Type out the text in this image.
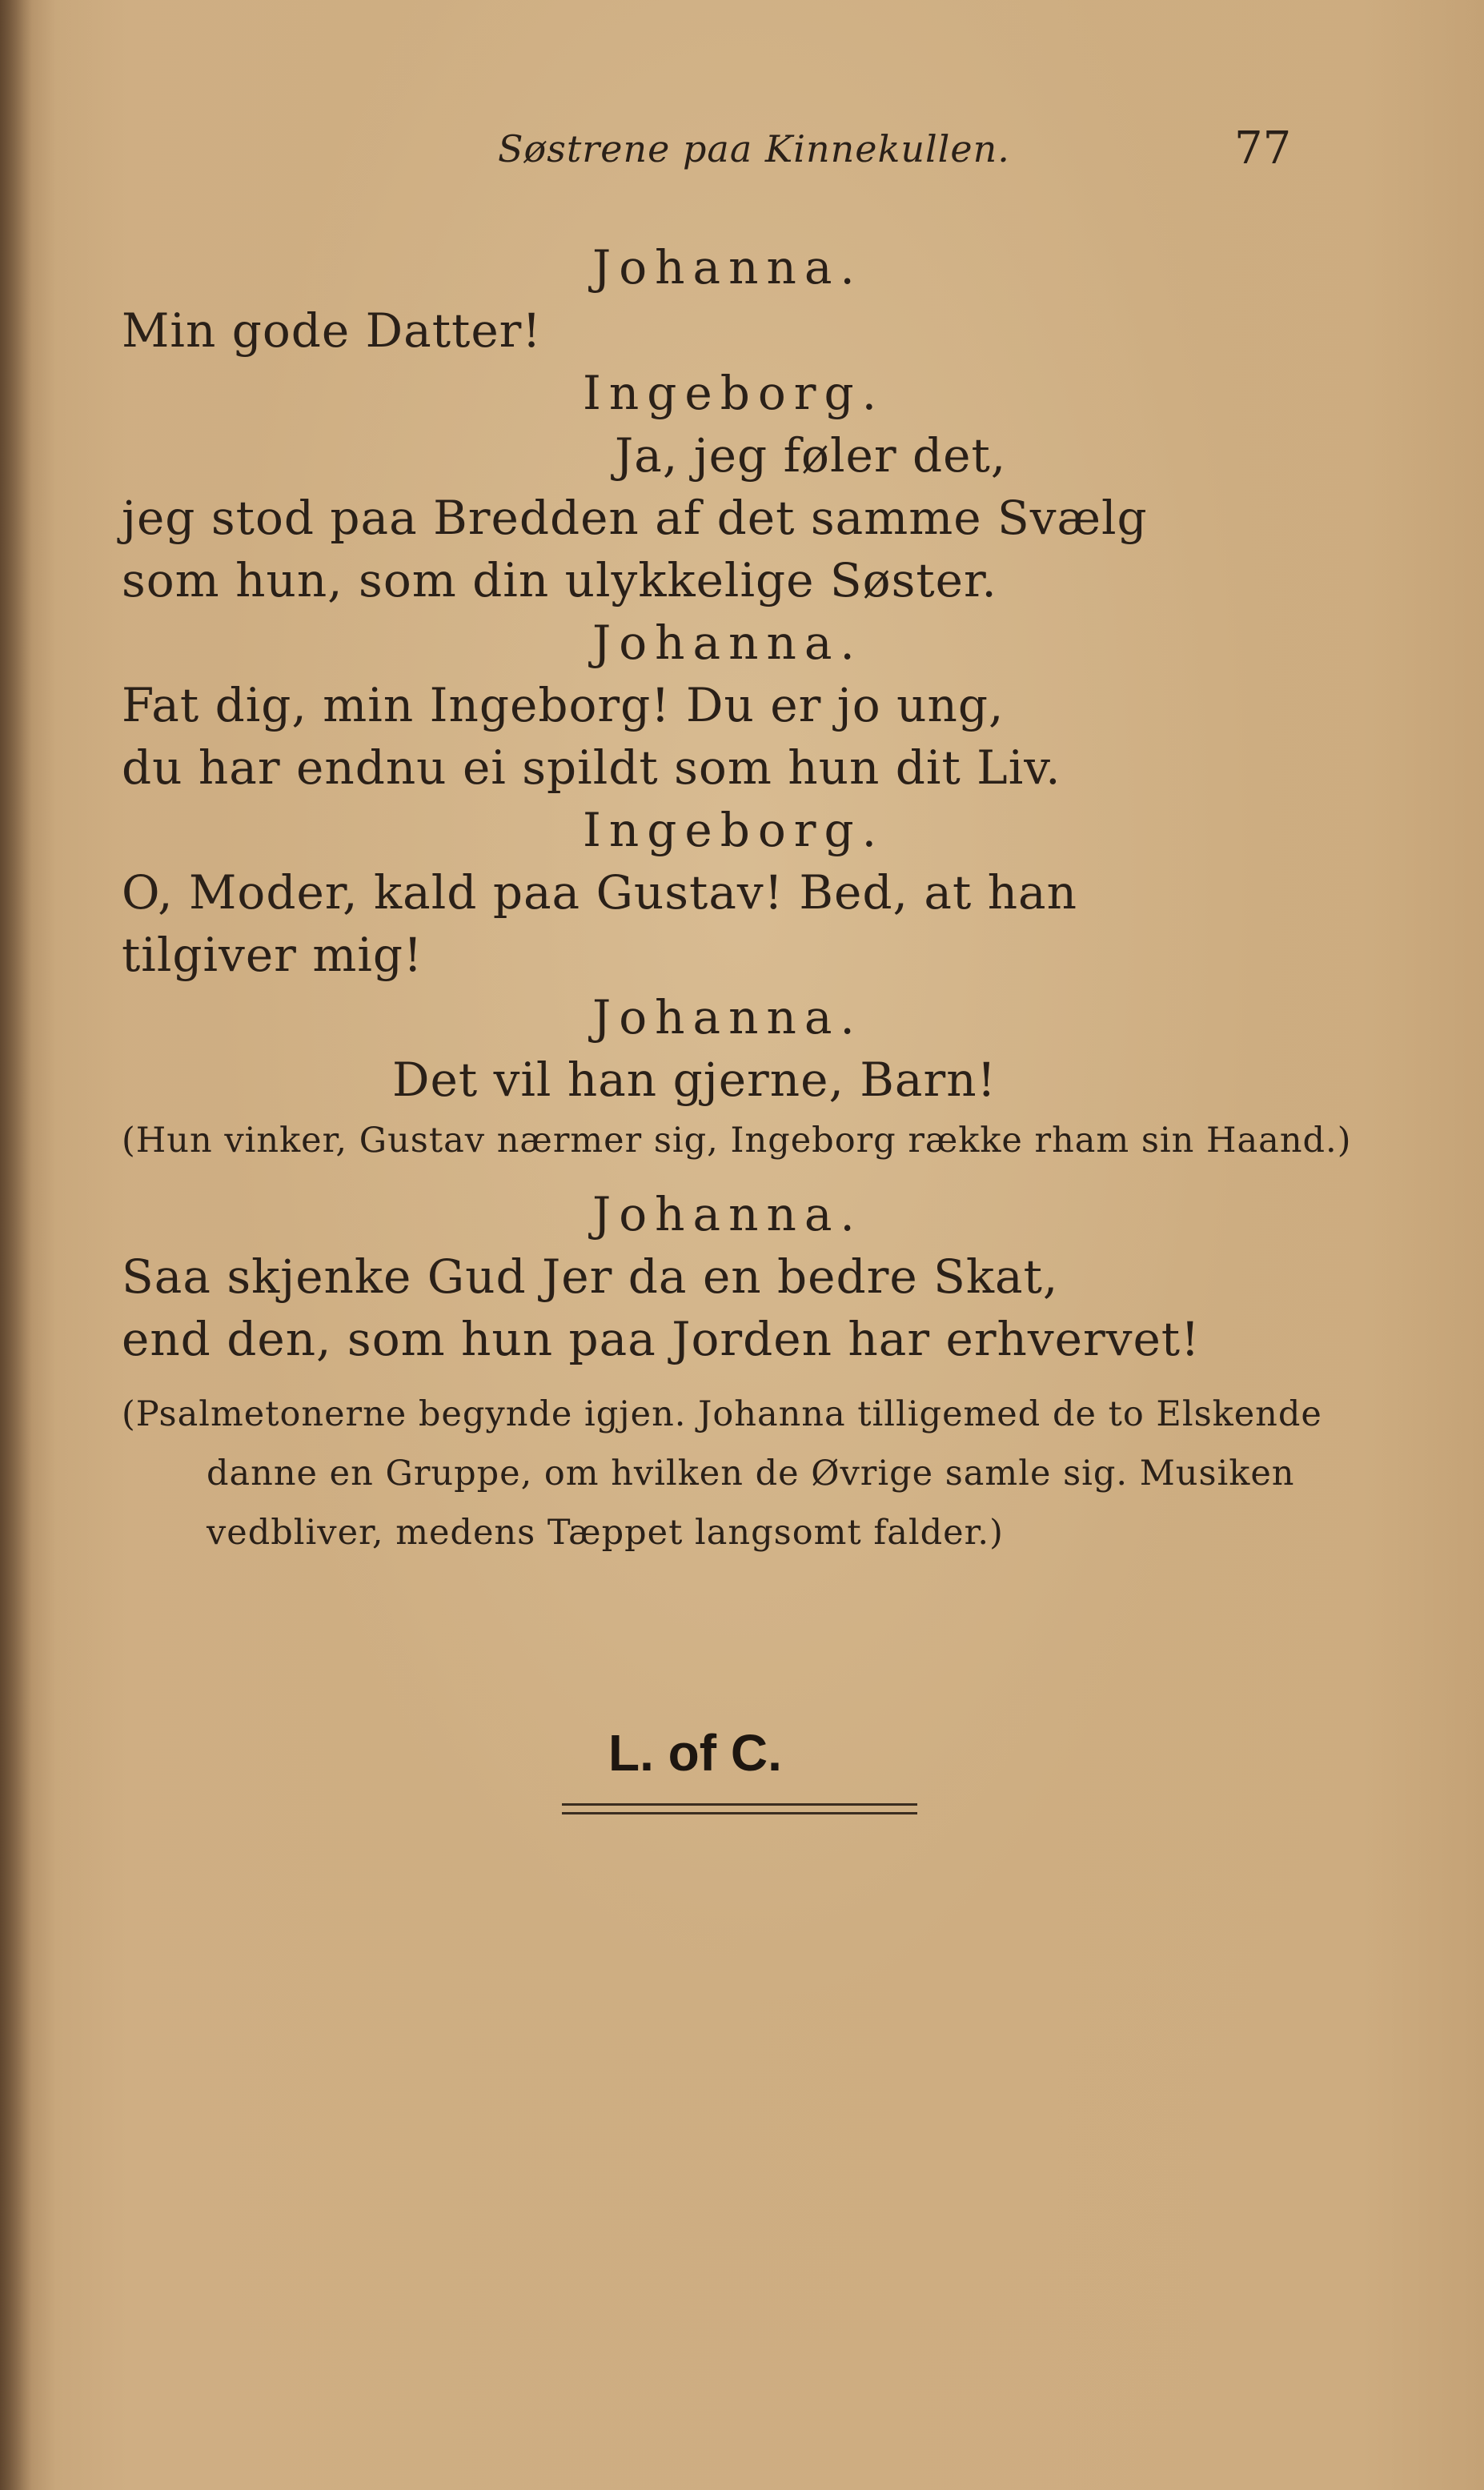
Søstrene paa Kinnekullen.	77
Johanna.
Min gode Datter!
Ingeborg.
Ja, jeg føler det,
jeg stod paa Bredden af det samme Svælg
som hun, som din ulykkelige Søster.
Johanna.
Fat dig, min Ingeborg! Du er jo ung,
du har endnu ei spildt som hun dit Liv.
Ingeborg.
O, Moder, kald paa Gustav! Bed, at han
tilgiver mig!
Johanna.
Det vil han gjerne, Barn!
(Hun vinker, Gustav nærmer sig, Ingeborg række rham sin Haand.)
Johanna.
Saa skjenke Gud Jer da en bedre Skat,
end den, som hun paa Jorden har erhvervet!
(Psalmetonerne begynde igjen. Johanna tilligemed de to Elskende
danne en Gruppe, om hvilken de Øvrige samle sig. Musiken
vedbliver, medens Tæppet langsomt falder.)
L. of C.
